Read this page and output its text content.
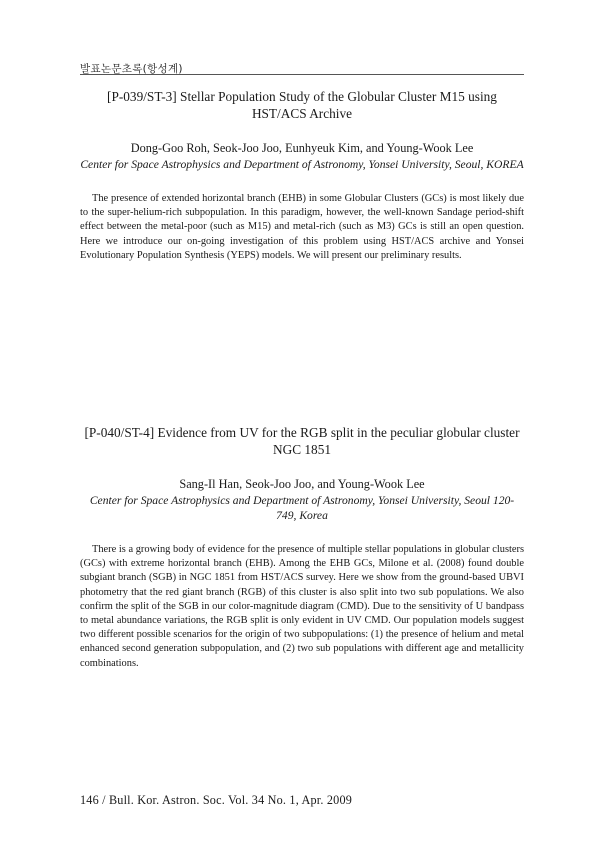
발표논문초록(항성계)
[P-039/ST-3] Stellar Population Study of the Globular Cluster M15 using HST/ACS Archive

Dong-Goo Roh, Seok-Joo Joo, Eunhyeuk Kim, and Young-Wook Lee

Center for Space Astrophysics and Department of Astronomy, Yonsei University, Seoul, KOREA

The presence of extended horizontal branch (EHB) in some Globular Clusters (GCs) is most likely due to the super-helium-rich subpopulation. In this paradigm, however, the well-known Sandage period-shift effect between the metal-poor (such as M15) and metal-rich (such as M3) GCs is still an open question. Here we introduce our on-going investigation of this problem using HST/ACS archive and Yonsei Evolutionary Population Synthesis (YEPS) models. We will present our preliminary results.

[P-040/ST-4] Evidence from UV for the RGB split in the peculiar globular cluster NGC 1851

Sang-Il Han, Seok-Joo Joo, and Young-Wook Lee

Center for Space Astrophysics and Department of Astronomy, Yonsei University, Seoul 120-749, Korea

There is a growing body of evidence for the presence of multiple stellar populations in globular clusters (GCs) with extreme horizontal branch (EHB). Among the EHB GCs, Milone et al. (2008) found double subgiant branch (SGB) in NGC 1851 from HST/ACS survey. Here we show from the ground-based UBVI photometry that the red giant branch (RGB) of this cluster is also split into two sub populations. We also confirm the split of the SGB in our color-magnitude diagram (CMD). Due to the sensitivity of U bandpass to metal abundance variations, the RGB split is only evident in UV CMD. Our population models suggest two different possible scenarios for the origin of two subpopulations: (1) the presence of helium and metal enhanced second generation subpopulation, and (2) two sub populations with different age and metallicity combinations.

146 / Bull. Kor. Astron. Soc. Vol. 34 No. 1, Apr. 2009
